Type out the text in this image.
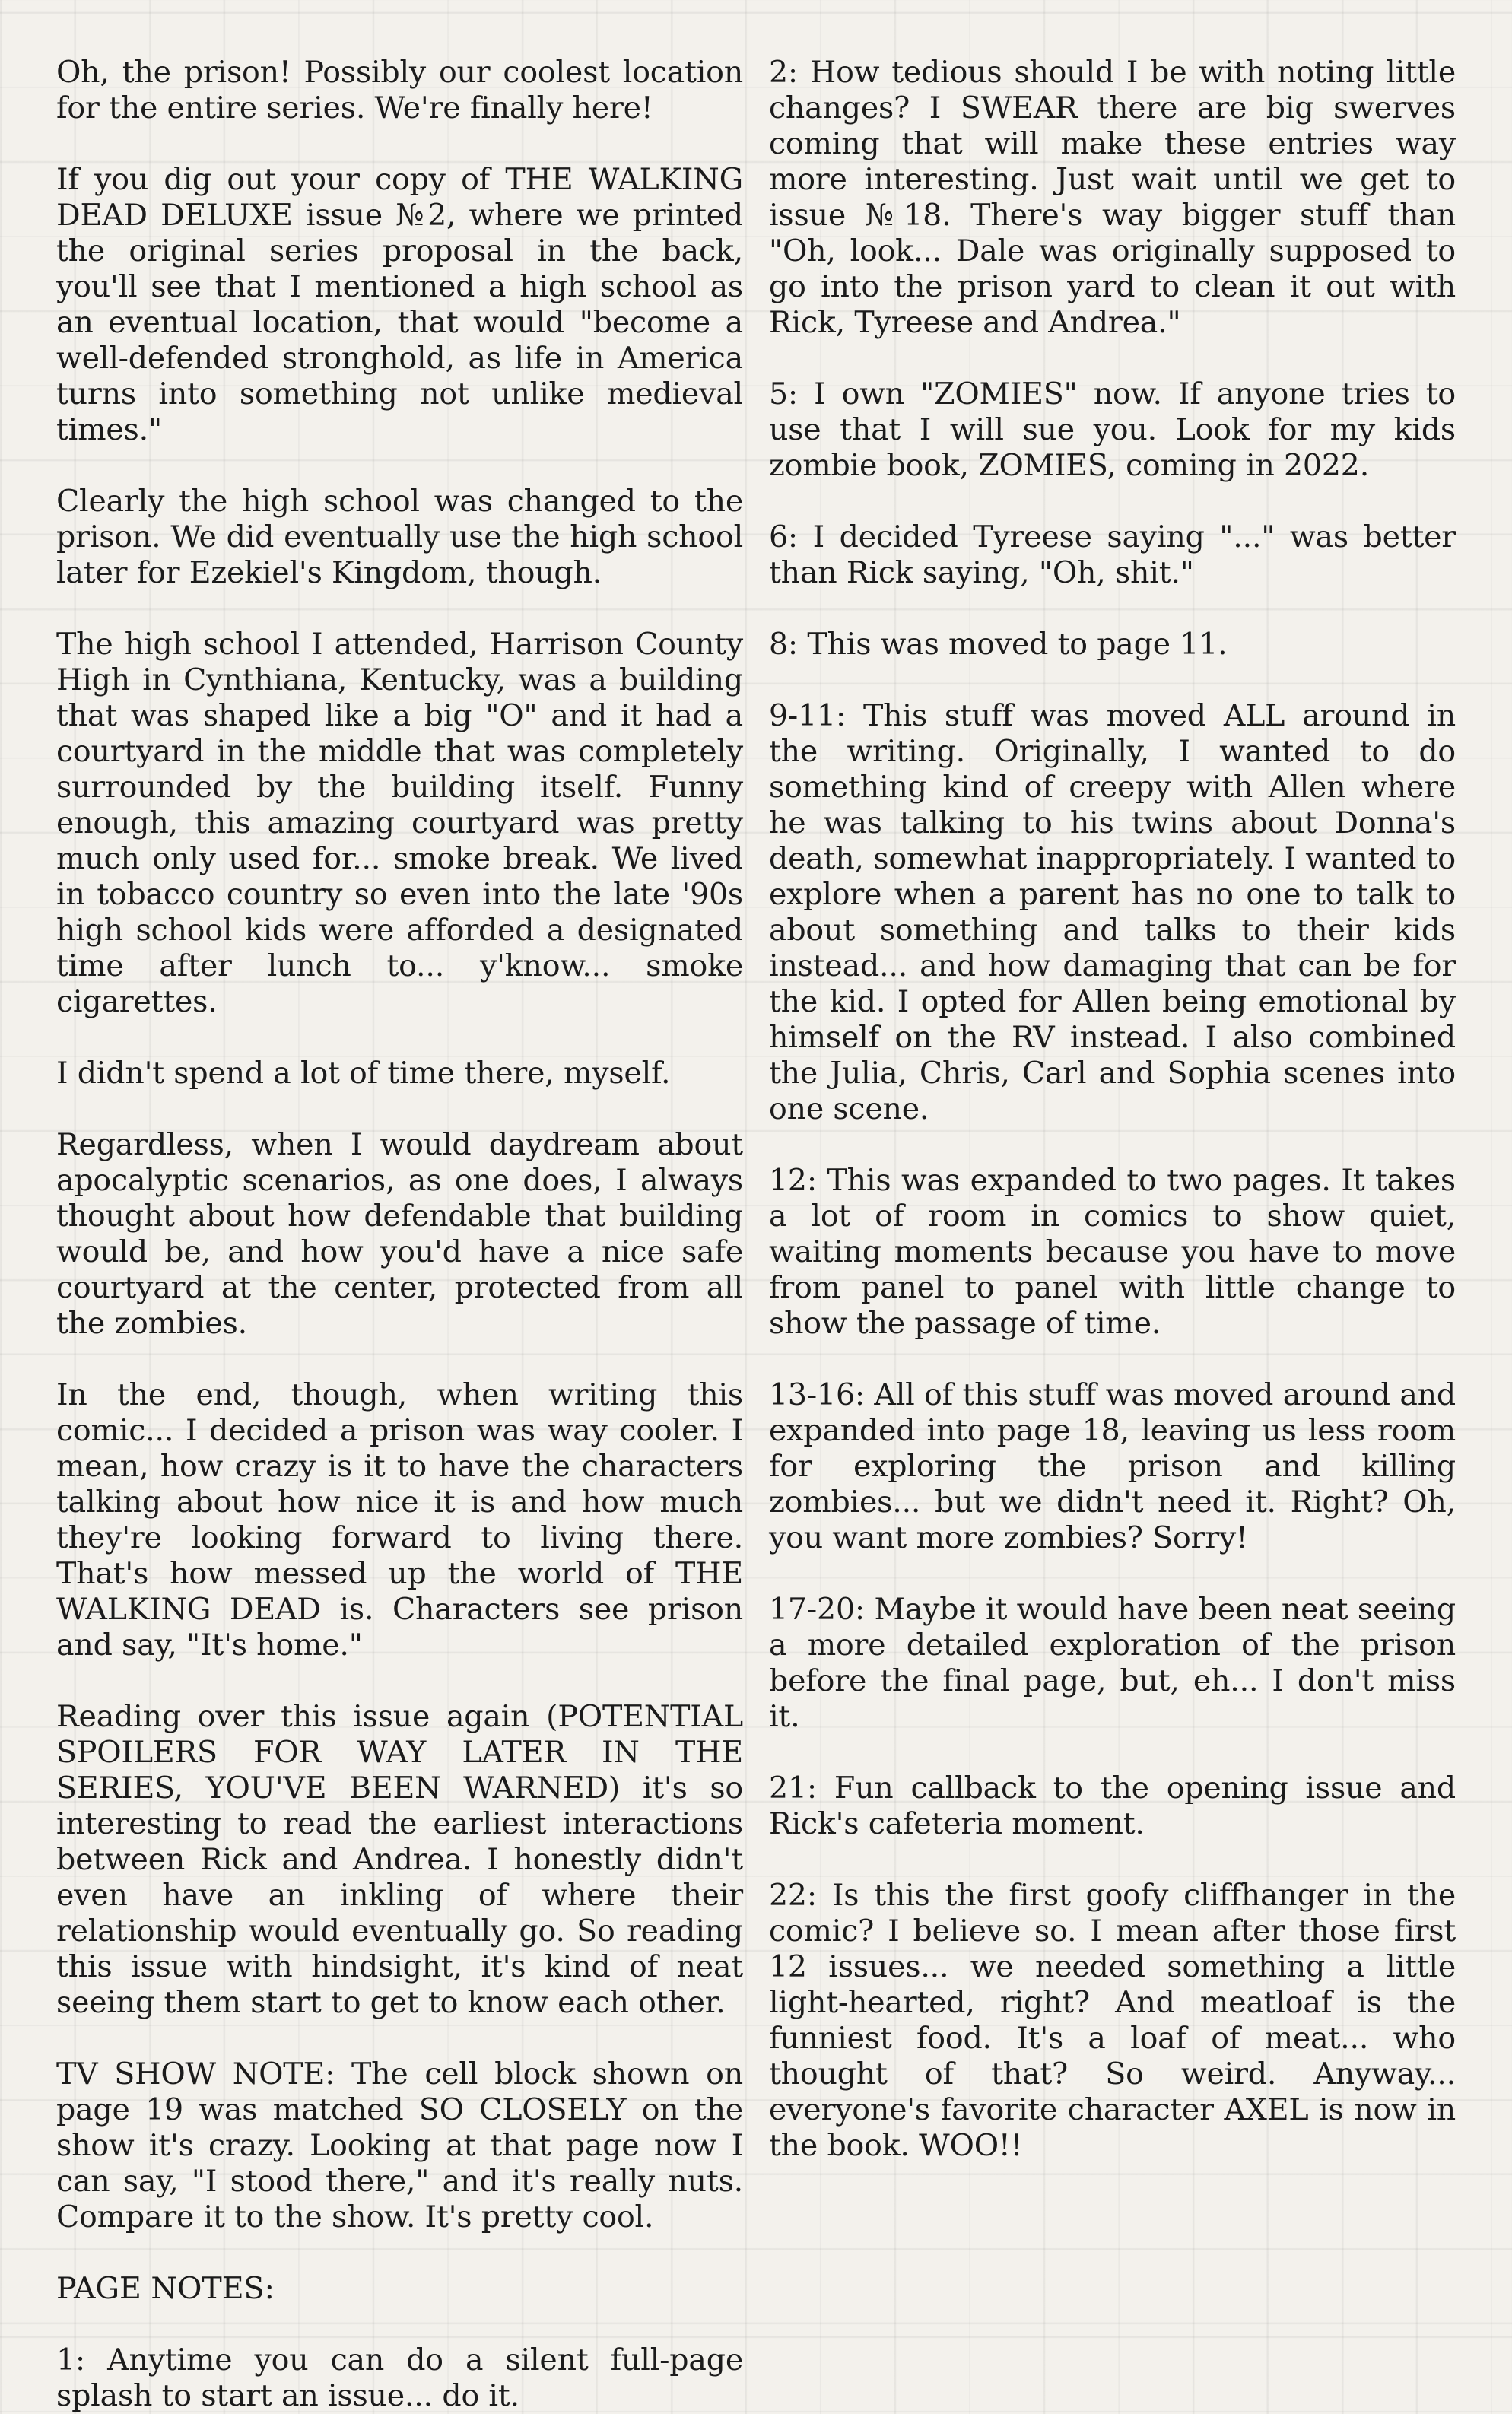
Oh, the prison! Possibly our coolest location for the entire series. We're finally here!

If you dig out your copy of THE WALKING DEAD DELUXE issue №2, where we printed the original series proposal in the back, you'll see that I mentioned a high school as an eventual location, that would "become a well-defended stronghold, as life in America turns into something not unlike medieval times."

Clearly the high school was changed to the prison. We did eventually use the high school later for Ezekiel's Kingdom, though.

The high school I attended, Harrison County High in Cynthiana, Kentucky, was a building that was shaped like a big "O" and it had a courtyard in the middle that was completely surrounded by the building itself. Funny enough, this amazing courtyard was pretty much only used for... smoke break. We lived in tobacco country so even into the late '90s high school kids were afforded a designated time after lunch to... y'know... smoke cigarettes.

I didn't spend a lot of time there, myself.

Regardless, when I would daydream about apocalyptic scenarios, as one does, I always thought about how defendable that building would be, and how you'd have a nice safe courtyard at the center, protected from all the zombies.

In the end, though, when writing this comic... I decided a prison was way cooler. I mean, how crazy is it to have the characters talking about how nice it is and how much they're looking forward to living there. That's how messed up the world of THE WALKING DEAD is. Characters see prison and say, "It's home."

Reading over this issue again (POTENTIAL SPOILERS FOR WAY LATER IN THE SERIES, YOU'VE BEEN WARNED) it's so interesting to read the earliest interactions between Rick and Andrea. I honestly didn't even have an inkling of where their relationship would eventually go. So reading this issue with hindsight, it's kind of neat seeing them start to get to know each other.

TV SHOW NOTE: The cell block shown on page 19 was matched SO CLOSELY on the show it's crazy. Looking at that page now I can say, "I stood there," and it's really nuts. Compare it to the show. It's pretty cool.

PAGE NOTES:

1: Anytime you can do a silent full-page splash to start an issue... do it.

2: How tedious should I be with noting little changes? I SWEAR there are big swerves coming that will make these entries way more interesting. Just wait until we get to issue №18. There's way bigger stuff than "Oh, look... Dale was originally supposed to go into the prison yard to clean it out with Rick, Tyreese and Andrea."

5: I own "ZOMIES" now. If anyone tries to use that I will sue you. Look for my kids zombie book, ZOMIES, coming in 2022.

6: I decided Tyreese saying "..." was better than Rick saying, "Oh, shit."

8: This was moved to page 11.

9-11: This stuff was moved ALL around in the writing. Originally, I wanted to do something kind of creepy with Allen where he was talking to his twins about Donna's death, somewhat inappropriately. I wanted to explore when a parent has no one to talk to about something and talks to their kids instead... and how damaging that can be for the kid. I opted for Allen being emotional by himself on the RV instead. I also combined the Julia, Chris, Carl and Sophia scenes into one scene.

12: This was expanded to two pages. It takes a lot of room in comics to show quiet, waiting moments because you have to move from panel to panel with little change to show the passage of time.

13-16: All of this stuff was moved around and expanded into page 18, leaving us less room for exploring the prison and killing zombies... but we didn't need it. Right? Oh, you want more zombies? Sorry!

17-20: Maybe it would have been neat seeing a more detailed exploration of the prison before the final page, but, eh... I don't miss it.

21: Fun callback to the opening issue and Rick's cafeteria moment.

22: Is this the first goofy cliffhanger in the comic? I believe so. I mean after those first 12 issues... we needed something a little light-hearted, right? And meatloaf is the funniest food. It's a loaf of meat... who thought of that? So weird. Anyway... everyone's favorite character AXEL is now in the book. WOO!!
